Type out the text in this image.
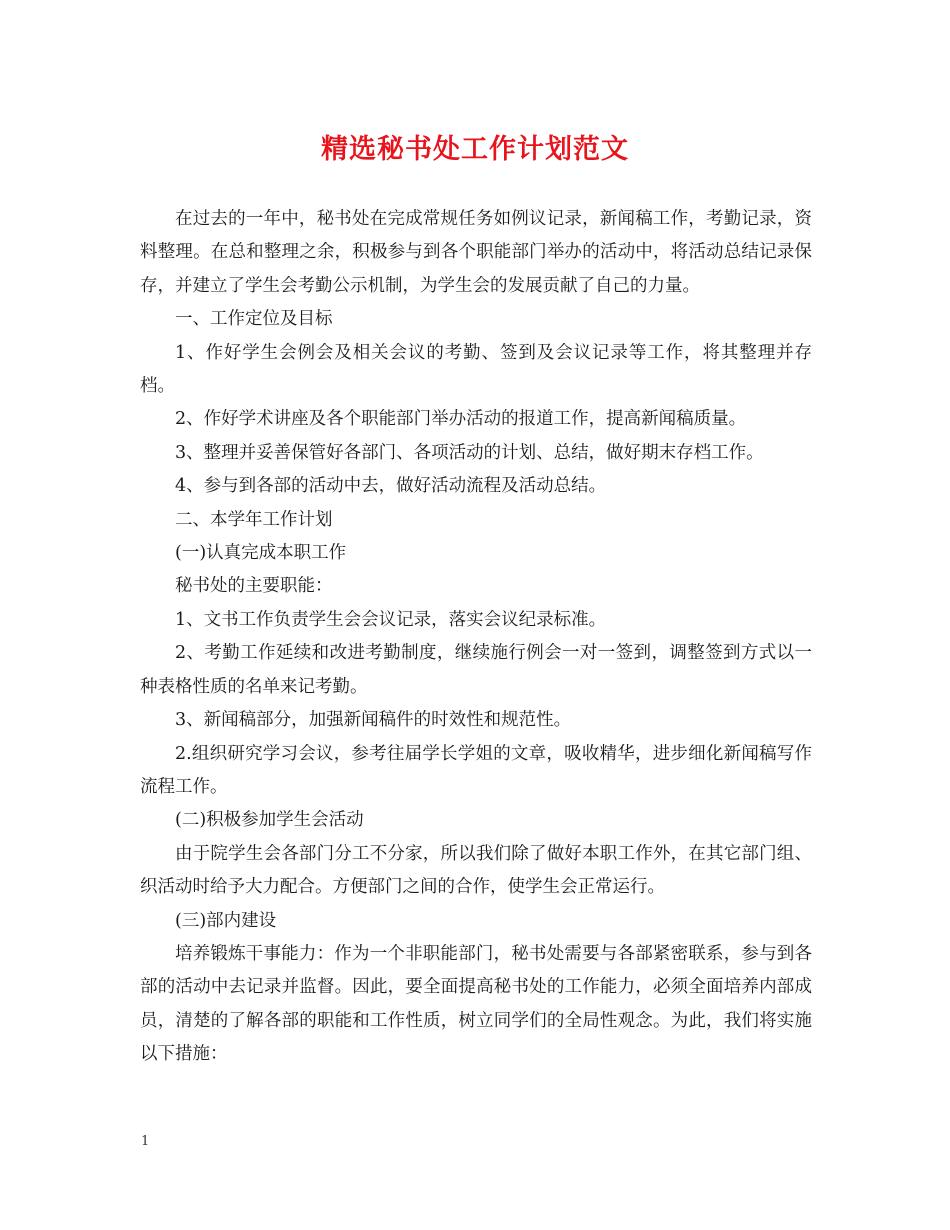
精选秘书处工作计划范文

在过去的一年中，秘书处在完成常规任务如例议记录，新闻稿工作，考勤记录，资料整理。在总和整理之余，积极参与到各个职能部门举办的活动中，将活动总结记录保存，并建立了学生会考勤公示机制，为学生会的发展贡献了自己的力量。

一、工作定位及目标

1、作好学生会例会及相关会议的考勤、签到及会议记录等工作，将其整理并存档。

2、作好学术讲座及各个职能部门举办活动的报道工作，提高新闻稿质量。

3、整理并妥善保管好各部门、各项活动的计划、总结，做好期末存档工作。

4、参与到各部的活动中去，做好活动流程及活动总结。

二、本学年工作计划

(一)认真完成本职工作

秘书处的主要职能：

1、文书工作负责学生会会议记录，落实会议纪录标准。

2、考勤工作延续和改进考勤制度，继续施行例会一对一签到，调整签到方式以一种表格性质的名单来记考勤。

3、新闻稿部分，加强新闻稿件的时效性和规范性。

2.组织研究学习会议，参考往届学长学姐的文章，吸收精华，进步细化新闻稿写作流程工作。

(二)积极参加学生会活动

由于院学生会各部门分工不分家，所以我们除了做好本职工作外，在其它部门组、织活动时给予大力配合。方便部门之间的合作，使学生会正常运行。

(三)部内建设

培养锻炼干事能力：作为一个非职能部门，秘书处需要与各部紧密联系，参与到各部的活动中去记录并监督。因此，要全面提高秘书处的工作能力，必须全面培养内部成员，清楚的了解各部的职能和工作性质，树立同学们的全局性观念。为此，我们将实施以下措施：

1
